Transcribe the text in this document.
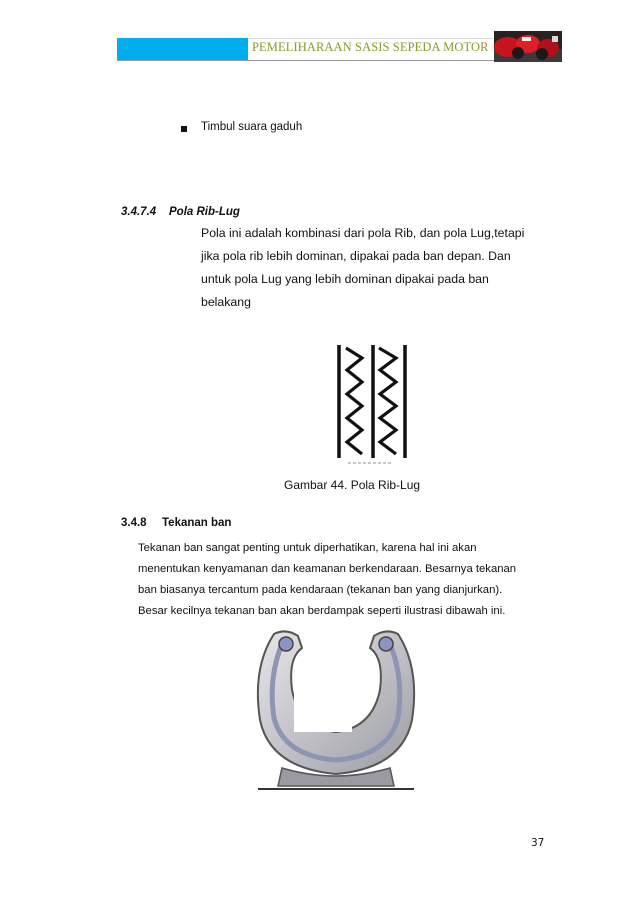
PEMELIHARAAN SASIS SEPEDA MOTOR
Timbul suara gaduh
3.4.7.4 Pola Rib-Lug
Pola ini adalah kombinasi dari pola Rib, dan pola Lug,tetapi
jika pola rib lebih dominan, dipakai pada ban depan. Dan
untuk pola Lug yang lebih dominan dipakai pada ban
belakang
Gambar 44. Pola Rib-Lug
3.4.8 Tekanan ban
Tekanan ban sangat penting untuk diperhatikan, karena hal ini akan
menentukan kenyamanan dan keamanan berkendaraan. Besarnya tekanan
ban biasanya tercantum pada kendaraan (tekanan ban yang dianjurkan).
Besar kecilnya tekanan ban akan berdampak seperti ilustrasi dibawah ini.
37
